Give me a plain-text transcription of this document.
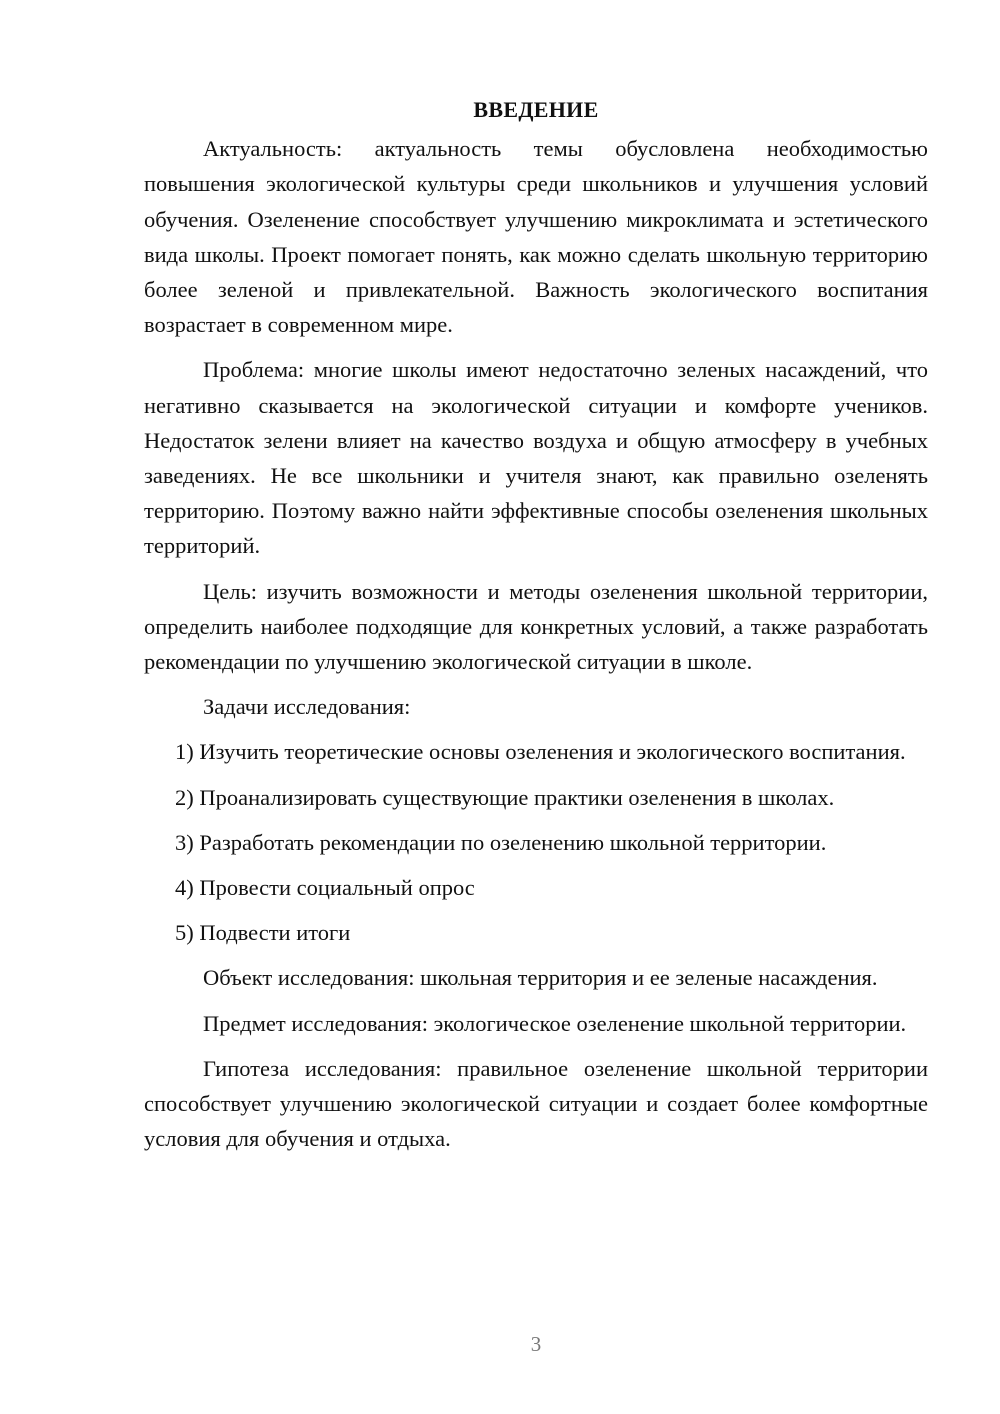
ВВЕДЕНИЕ

Актуальность: актуальность темы обусловлена необходимостью повышения экологической культуры среди школьников и улучшения условий обучения. Озеленение способствует улучшению микроклимата и эстетического вида школы. Проект помогает понять, как можно сделать школьную территорию более зеленой и привлекательной. Важность экологического воспитания возрастает в современном мире.

Проблема: многие школы имеют недостаточно зеленых насаждений, что негативно сказывается на экологической ситуации и комфорте учеников. Недостаток зелени влияет на качество воздуха и общую атмосферу в учебных заведениях. Не все школьники и учителя знают, как правильно озеленять территорию. Поэтому важно найти эффективные способы озеленения школьных территорий.

Цель: изучить возможности и методы озеленения школьной территории, определить наиболее подходящие для конкретных условий, а также разработать рекомендации по улучшению экологической ситуации в школе.

Задачи исследования:

1) Изучить теоретические основы озеленения и экологического воспитания.

2) Проанализировать существующие практики озеленения в школах.

3) Разработать рекомендации по озеленению школьной территории.

4) Провести социальный опрос

5) Подвести итоги

Объект исследования: школьная территория и ее зеленые насаждения.

Предмет исследования: экологическое озеленение школьной территории.

Гипотеза исследования: правильное озеленение школьной территории способствует улучшению экологической ситуации и создает более комфортные условия для обучения и отдыха.

3
